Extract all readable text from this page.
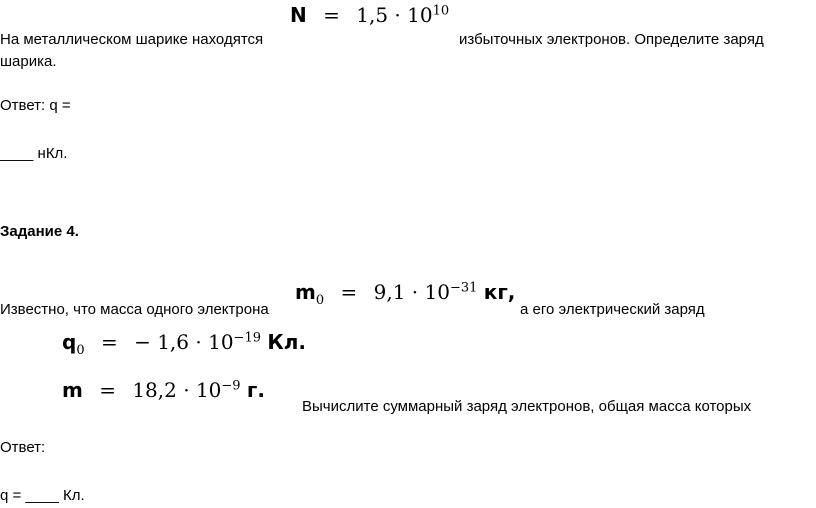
На металлическом шарике находятся
$N = 1,5 \cdot 10^{10}$
избыточных электронов. Определите заряд
шарика.
Ответ: q =
____ нКл.
Задание 4.
Известно, что масса одного электрона
$m_0 = 9,1 \cdot 10^{-31}$ кг,
а его электрический заряд
$q_0$ = − $1,6 \cdot 10^{-19}$ Кл.
$m = 18,2 \cdot 10^{-9}$ г.
Вычислите суммарный заряд электронов, общая масса которых
Ответ:
q = ____ Кл.
